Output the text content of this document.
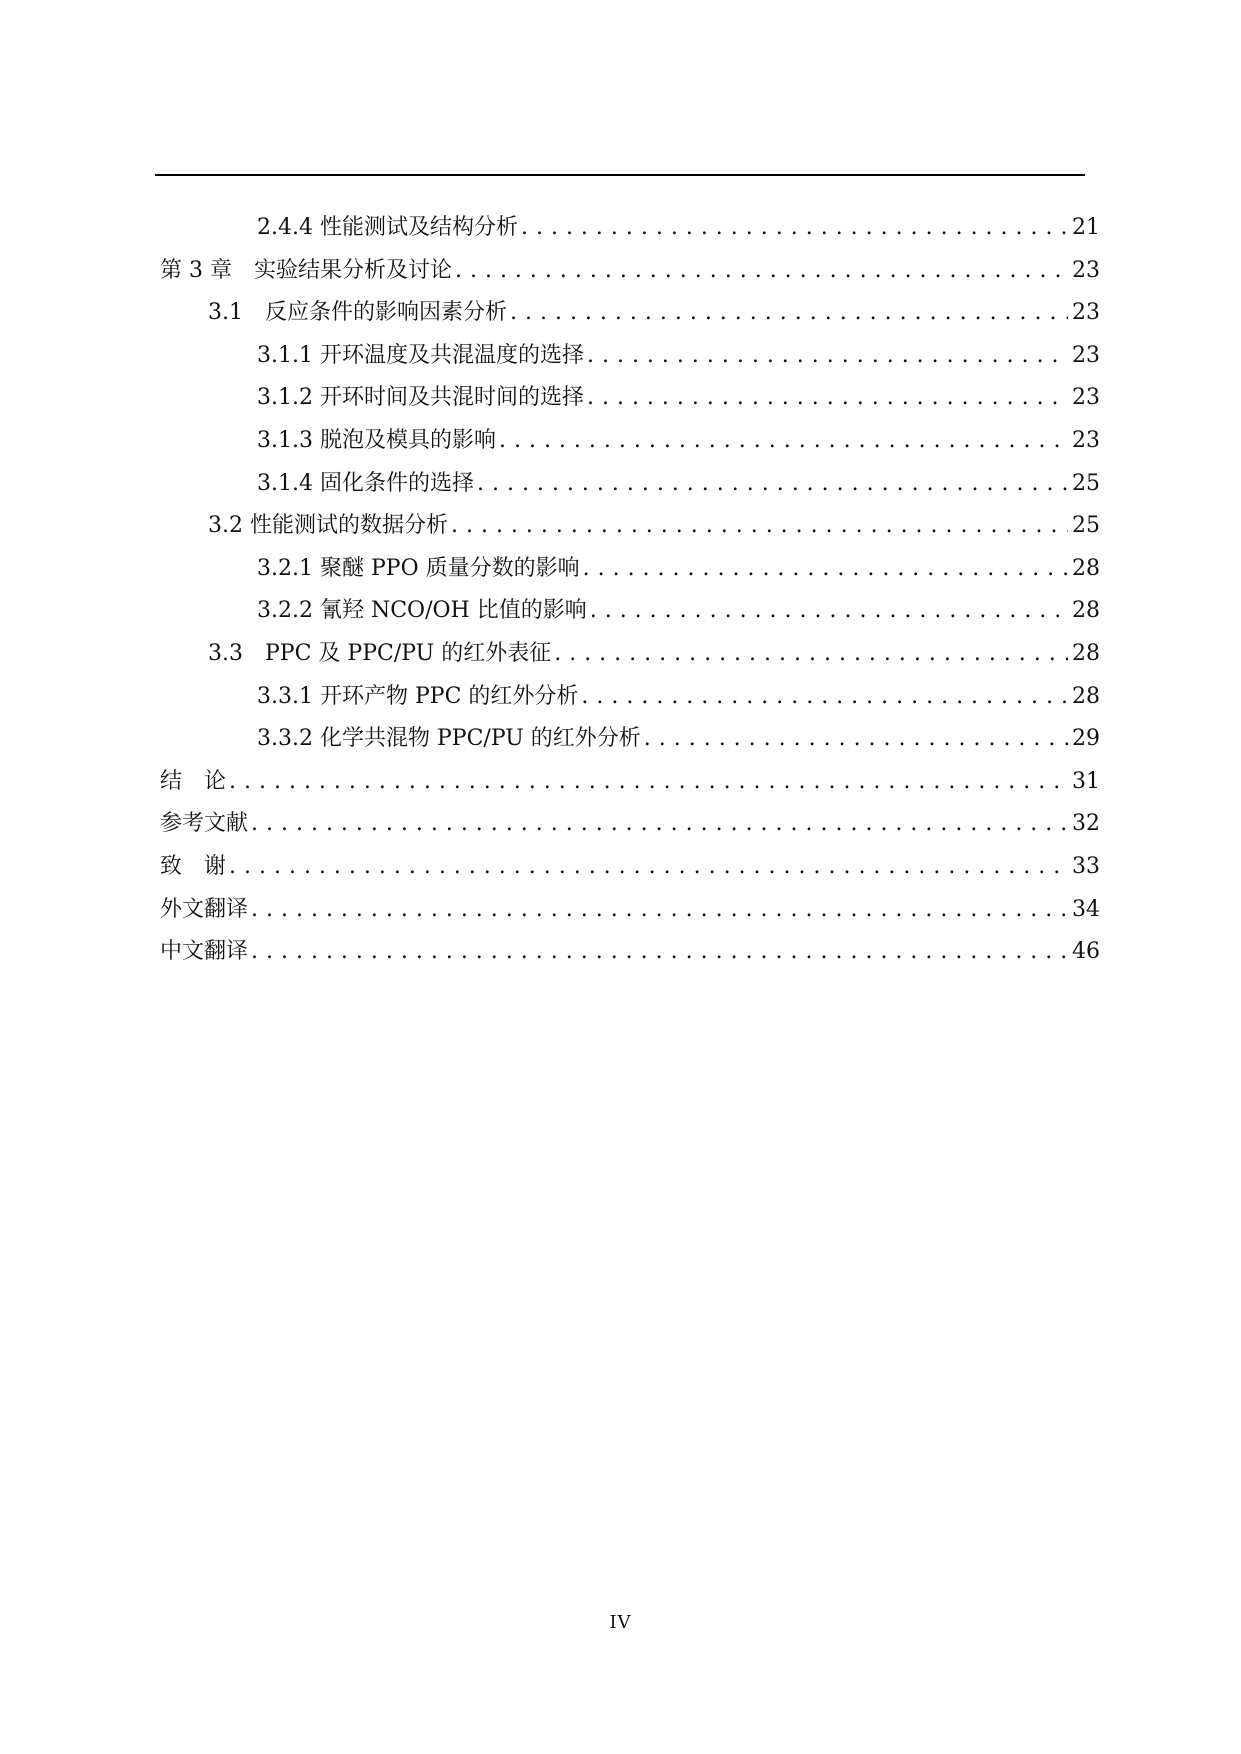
2.4.4 性能测试及结构分析 . . .	21
第 3 章　实验结果分析及讨论 . . .	23
3.1　反应条件的影响因素分析 . . .	23
3.1.1 开环温度及共混温度的选择 . . .	23
3.1.2 开环时间及共混时间的选择 . . .	23
3.1.3 脱泡及模具的影响 . . .	23
3.1.4 固化条件的选择 . . .	25
3.2 性能测试的数据分析 . . .	25
3.2.1 聚醚 PPO 质量分数的影响 . . .	28
3.2.2 氰羟 NCO/OH 比值的影响 . . .	28
3.3　PPC 及 PPC/PU 的红外表征 . . .	28
3.3.1 开环产物 PPC 的红外分析 . . .	28
3.3.2 化学共混物 PPC/PU 的红外分析 . . .	29
结　论 . . .	31
参考文献 . . .	32
致　谢 . . .	33
外文翻译 . . .	34
中文翻译 . . .	46
IV
